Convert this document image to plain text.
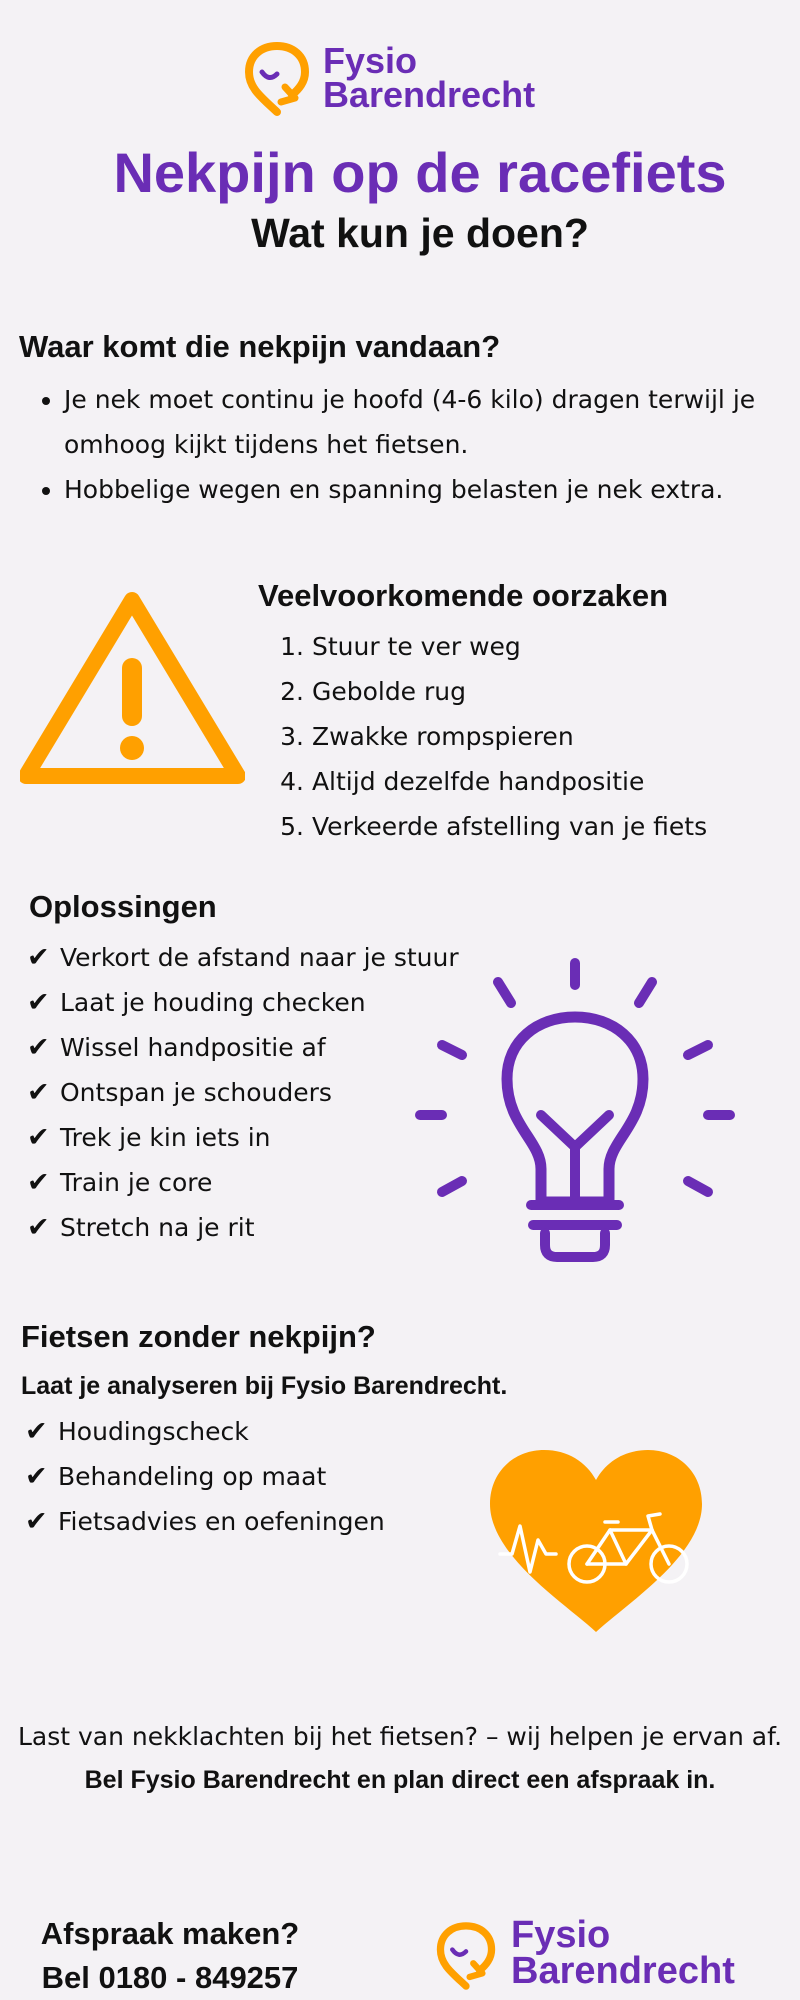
Fysio
Barendrecht
Nekpijn op de racefiets
Wat kun je doen?
Waar komt die nekpijn vandaan?
• Je nek moet continu je hoofd (4-6 kilo) dragen terwijl je omhoog kijkt tijdens het fietsen.
• Hobbelige wegen en spanning belasten je nek extra.
Veelvoorkomende oorzaken
1. Stuur te ver weg
2. Gebolde rug
3. Zwakke rompspieren
4. Altijd dezelfde handpositie
5. Verkeerde afstelling van je fiets
Oplossingen
✔ Verkort de afstand naar je stuur
✔ Laat je houding checken
✔ Wissel handpositie af
✔ Ontspan je schouders
✔ Trek je kin iets in
✔ Train je core
✔ Stretch na je rit
Fietsen zonder nekpijn?
Laat je analyseren bij Fysio Barendrecht.
✔ Houdingscheck
✔ Behandeling op maat
✔ Fietsadvies en oefeningen
Last van nekklachten bij het fietsen? – wij helpen je ervan af.
Bel Fysio Barendrecht en plan direct een afspraak in.
Afspraak maken?
Bel 0180 - 849257
Fysio
Barendrecht
